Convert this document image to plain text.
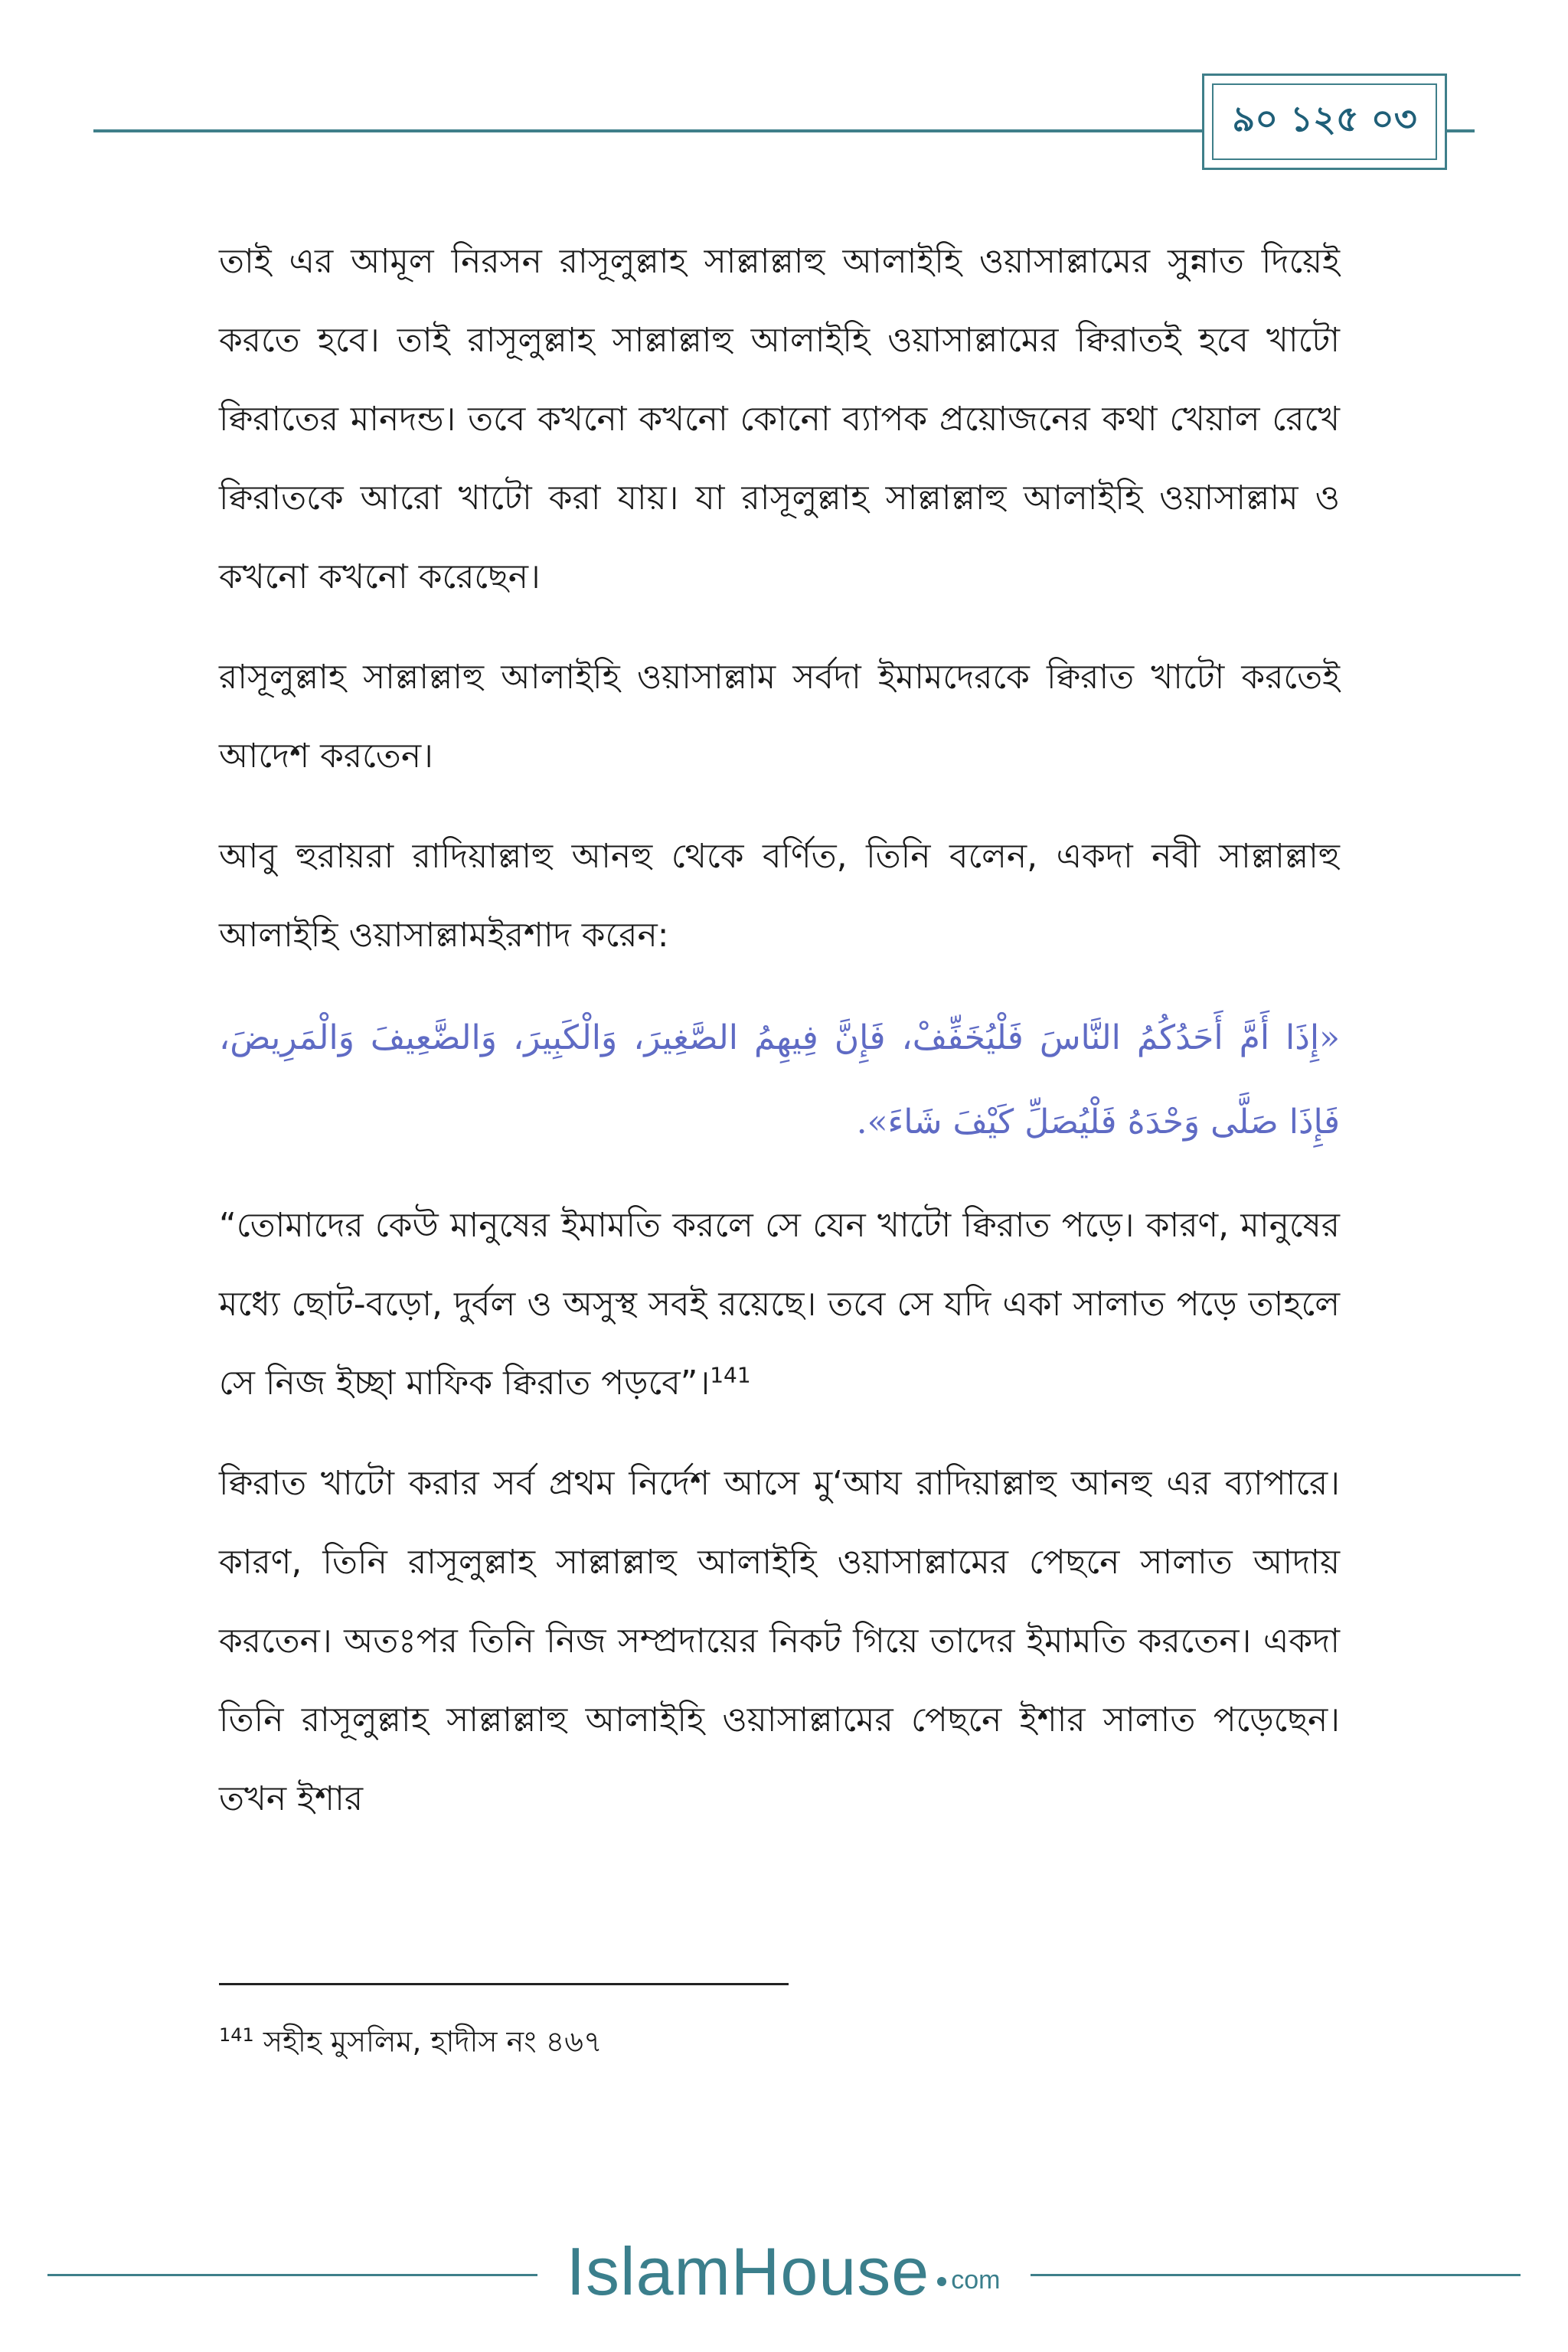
৯০ ১২৫ ০৩

তাই এর আমূল নিরসন রাসূলুল্লাহ সাল্লাল্লাহু আলাইহি ওয়াসাল্লামের সুন্নাত দিয়েই করতে হবে। তাই রাসূলুল্লাহ সাল্লাল্লাহু আলাইহি ওয়াসাল্লামের ক্বিরাতই হবে খাটো ক্বিরাতের মানদন্ড। তবে কখনো কখনো কোনো ব্যাপক প্রয়োজনের কথা খেয়াল রেখে ক্বিরাতকে আরো খাটো করা যায়। যা রাসূলুল্লাহ সাল্লাল্লাহু আলাইহি ওয়াসাল্লাম ও কখনো কখনো করেছেন।

রাসূলুল্লাহ সাল্লাল্লাহু আলাইহি ওয়াসাল্লাম সর্বদা ইমামদেরকে ক্বিরাত খাটো করতেই আদেশ করতেন।

আবু হুরায়রা রাদিয়াল্লাহু আনহু থেকে বর্ণিত, তিনি বলেন, একদা নবী সাল্লাল্লাহু আলাইহি ওয়াসাল্লামইরশাদ করেন:

«إِذَا أَمَّ أَحَدُكُمُ النَّاسَ فَلْيُخَفِّفْ، فَإِنَّ فِيهِمُ الصَّغِيرَ، وَالْكَبِيرَ، وَالضَّعِيفَ وَالْمَرِيضَ، فَإِذَا صَلَّى وَحْدَهُ فَلْيُصَلِّ كَيْفَ شَاءَ».

“তোমাদের কেউ মানুষের ইমামতি করলে সে যেন খাটো ক্বিরাত পড়ে। কারণ, মানুষের মধ্যে ছোট-বড়ো, দুর্বল ও অসুস্থ সবই রয়েছে। তবে সে যদি একা সালাত পড়ে তাহলে সে নিজ ইচ্ছা মাফিক ক্বিরাত পড়বে”।$^{141}$

ক্বিরাত খাটো করার সর্ব প্রথম নির্দেশ আসে মু‘আয রাদিয়াল্লাহু আনহু এর ব্যাপারে। কারণ, তিনি রাসূলুল্লাহ সাল্লাল্লাহু আলাইহি ওয়াসাল্লামের পেছনে সালাত আদায় করতেন। অতঃপর তিনি নিজ সম্প্রদায়ের নিকট গিয়ে তাদের ইমামতি করতেন। একদা তিনি রাসূলুল্লাহ সাল্লাল্লাহু আলাইহি ওয়াসাল্লামের পেছনে ইশার সালাত পড়েছেন। তখন ইশার

$^{141}$ সহীহ মুসলিম, হাদীস নং ৪৬৭
IslamHouse com
